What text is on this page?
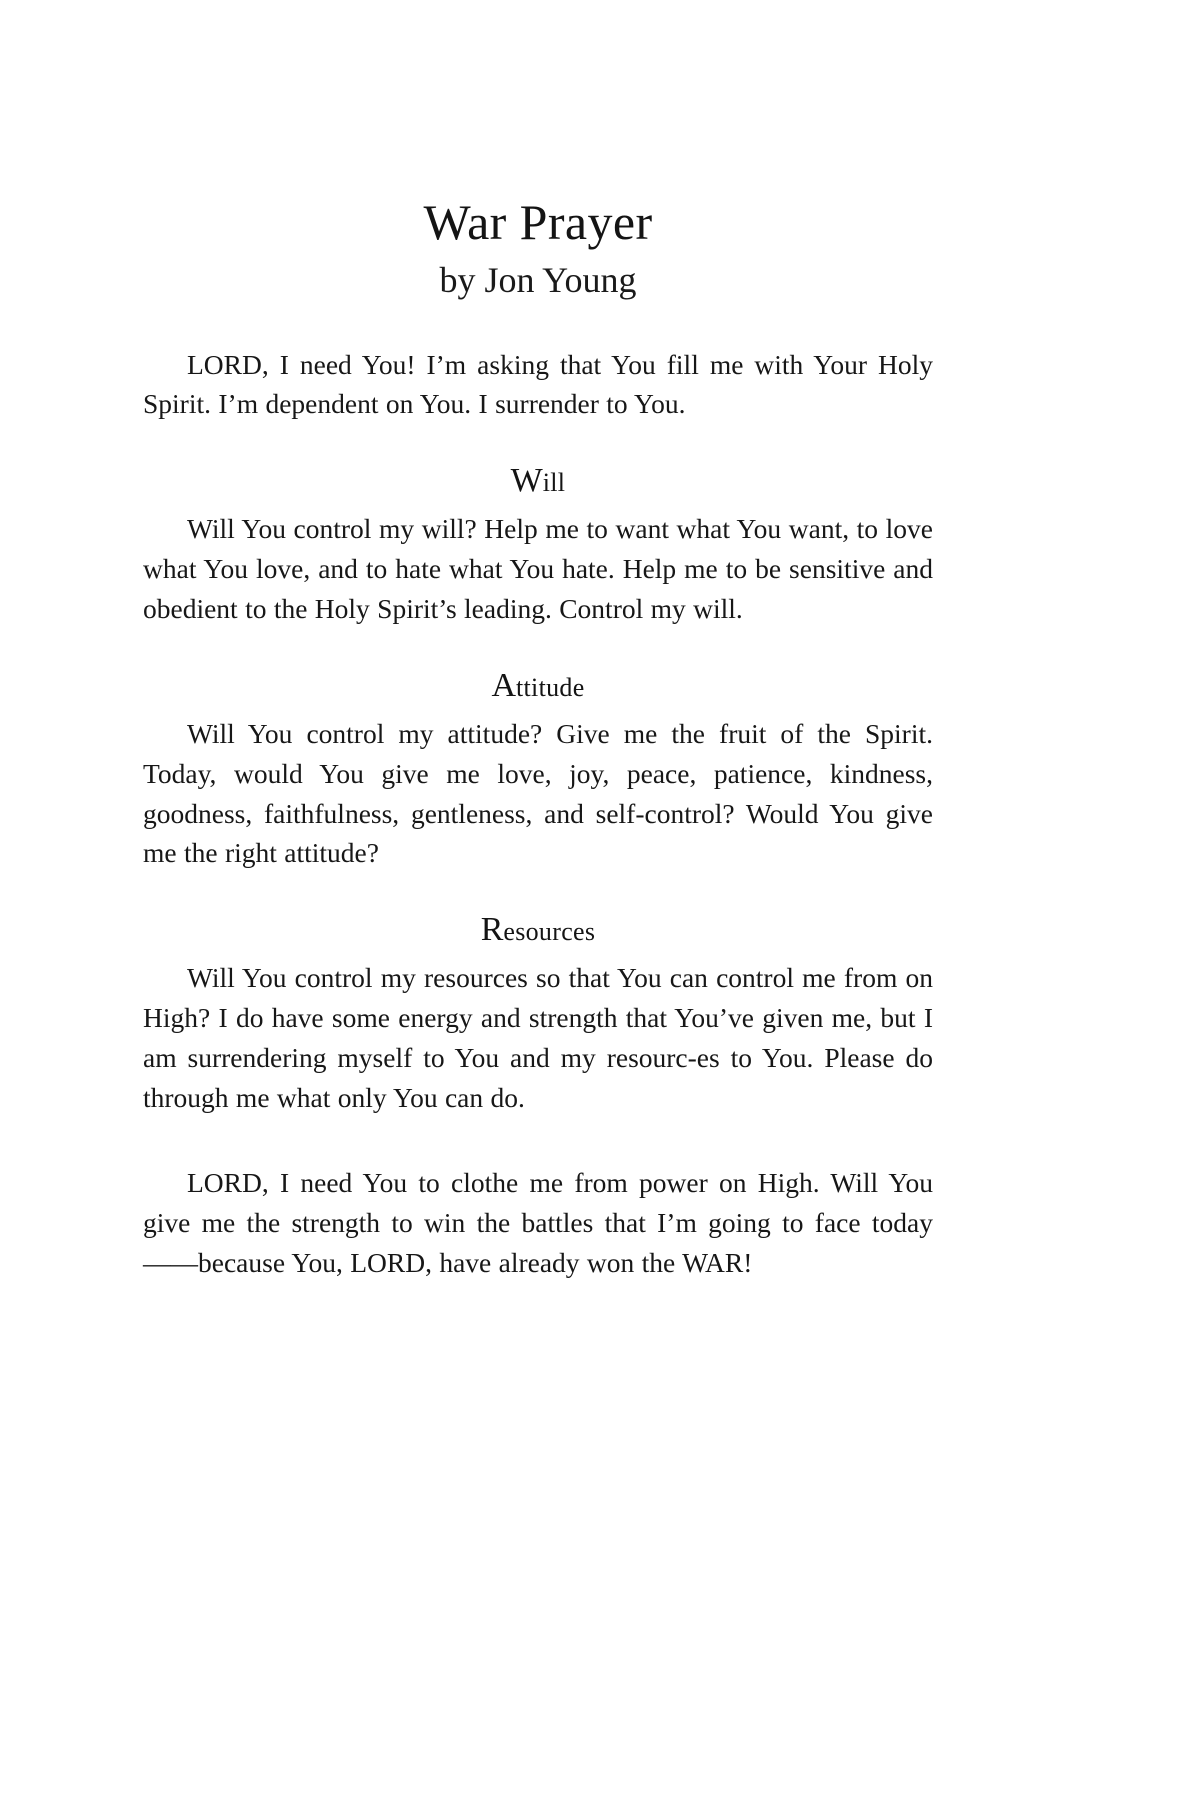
War Prayer
by Jon Young

LORD, I need You! I’m asking that You fill me with Your Holy Spirit. I’m dependent on You. I surrender to You.

Will

Will You control my will? Help me to want what You want, to love what You love, and to hate what You hate. Help me to be sensitive and obedient to the Holy Spirit’s leading. Control my will.

Attitude

Will You control my attitude? Give me the fruit of the Spirit. Today, would You give me love, joy, peace, patience, kindness, goodness, faithfulness, gentleness, and self-control? Would You give me the right attitude?

Resources

Will You control my resources so that You can control me from on High? I do have some energy and strength that You’ve given me, but I am surrendering myself to You and my resourc-es to You. Please do through me what only You can do.

LORD, I need You to clothe me from power on High. Will You give me the strength to win the battles that I’m going to face today——because You, LORD, have already won the WAR!
